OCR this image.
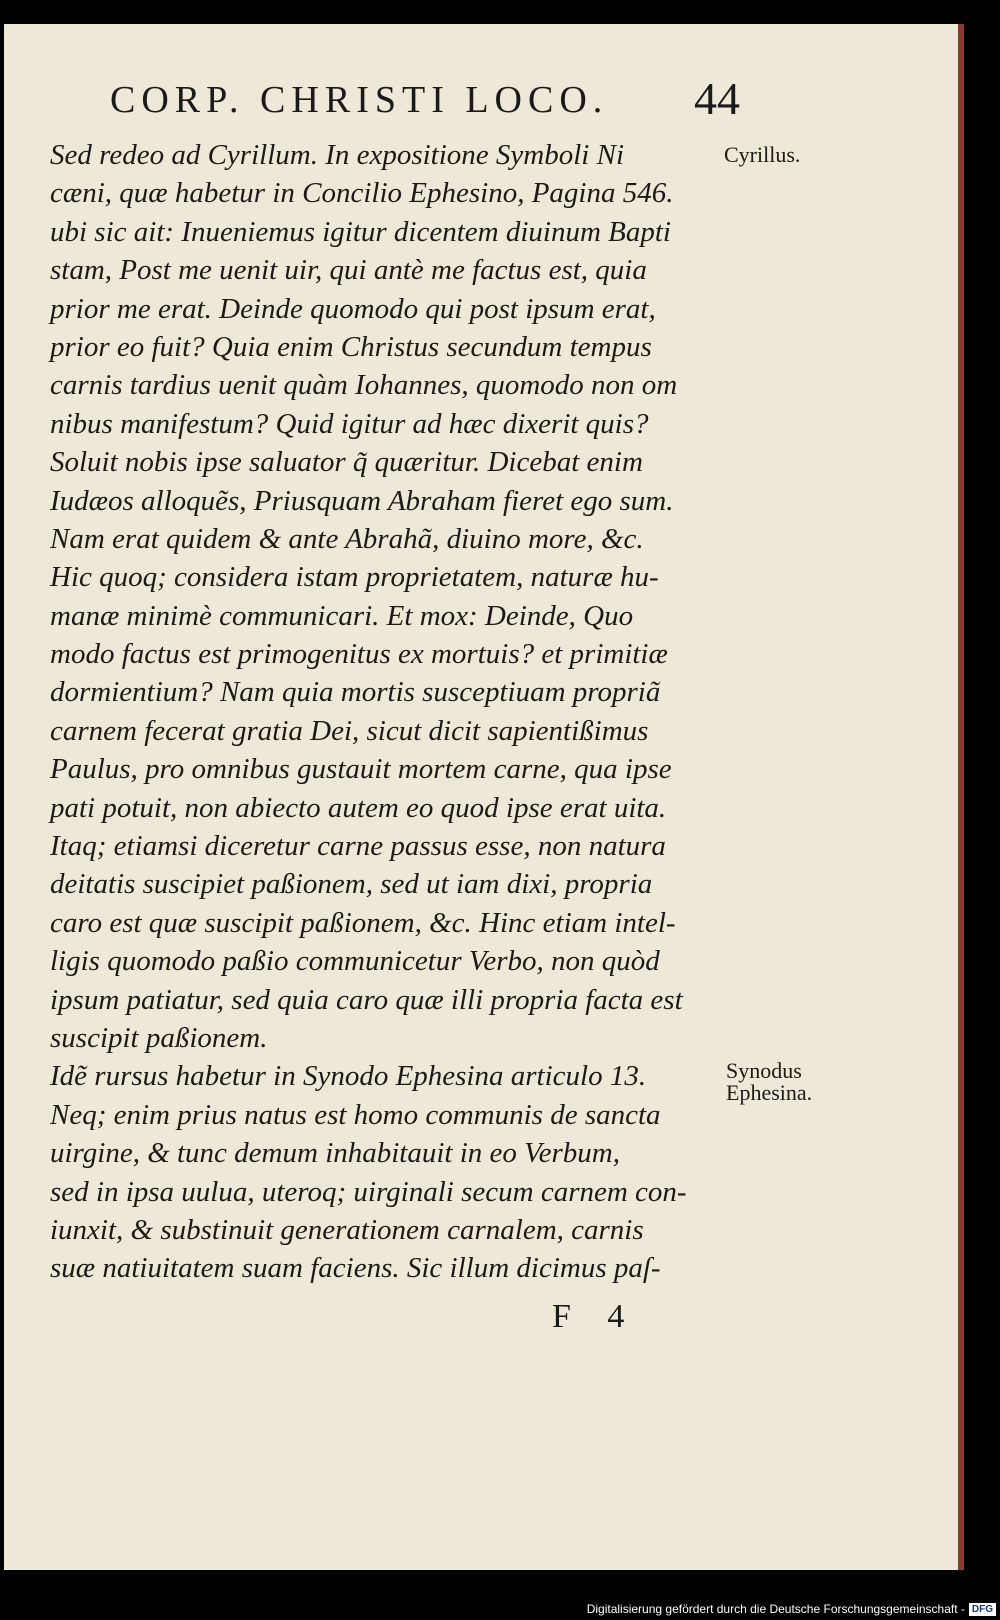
CORP. CHRISTI LOCO. 44
Cyrillus.
Synodus
Ephesina.
Sed redeo ad Cyrillum. In expositione Symboli Ni
cæni, quæ habetur in Concilio Ephesino, Pagina 546.
ubi sic ait: Inueniemus igitur dicentem diuinum Bapti
stam, Post me uenit uir, qui antè me factus est, quia
prior me erat. Deinde quomodo qui post ipsum erat,
prior eo fuit? Quia enim Christus secundum tempus
carnis tardius uenit quàm Iohannes, quomodo non om
nibus manifestum? Quid igitur ad hæc dixerit quis?
Soluit nobis ipse saluator q̃ quæritur. Dicebat enim
Iudæos alloquẽs, Priusquam Abraham fieret ego sum.
Nam erat quidem & ante Abrahã, diuino more, &c.
Hic quoq; considera istam proprietatem, naturæ hu-
manæ minimè communicari. Et mox: Deinde, Quo
modo factus est primogenitus ex mortuis? et primitiæ
dormientium? Nam quia mortis susceptiuam propriã
carnem fecerat gratia Dei, sicut dicit sapientißimus
Paulus, pro omnibus gustauit mortem carne, qua ipse
pati potuit, non abiecto autem eo quod ipse erat uita.
Itaq; etiamsi diceretur carne passus esse, non natura
deitatis suscipiet paßionem, sed ut iam dixi, propria
caro est quæ suscipit paßionem, &c. Hinc etiam intel-
ligis quomodo paßio communicetur Verbo, non quòd
ipsum patiatur, sed quia caro quæ illi propria facta est
suscipit paßionem.
Idẽ rursus habetur in Synodo Ephesina articulo 13.
Neq; enim prius natus est homo communis de sancta
uirgine, & tunc demum inhabitauit in eo Verbum,
sed in ipsa uulua, uteroq; uirginali secum carnem con-
iunxit, & substinuit generationem carnalem, carnis
suæ natiuitatem suam faciens. Sic illum dicimus paſ-
F 4
Digitalisierung gefördert durch die Deutsche Forschungsgemeinschaft - DFG
